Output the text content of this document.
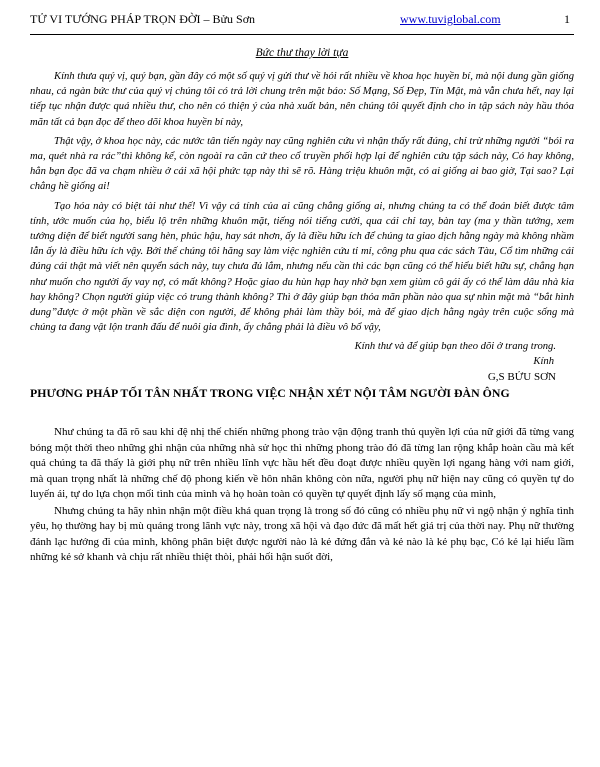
TỬ VI TƯỚNG PHÁP TRỌN ĐỜI – Bửu Sơn	www.tuviglobal.com	1
Bức thư thay lời tựa

Kính thưa quý vị, quý bạn, gần đây có một số quý vị gửi thư về hỏi rất nhiều về khoa học huyền bí, mà nội dung gần giống nhau, cả ngàn bức thư của quý vị chúng tôi có trả lời chung trên mặt báo: Số Mạng, Số Đẹp, Tín Mật, mà vẫn chưa hết, nay lại tiếp tục nhận được quá nhiều thư, cho nên có thiện ý của nhà xuất bản, nên chúng tôi quyết định cho in tập sách này hầu thỏa mãn tất cả bạn đọc để theo dõi khoa huyền bí này,

Thật vậy, ở khoa học này, các nước tân tiến ngày nay cũng nghiên cứu vì nhận thấy rất đúng, chỉ trừ những người “bói ra ma, quét nhà ra rác”thì không kể, còn ngoài ra căn cứ theo cổ truyền phối hợp lại để nghiên cứu tập sách này, Có hay không, hẳn bạn đọc đã va chạm nhiều ở cái xã hội phức tạp này thì sẽ rõ. Hàng triệu khuôn mặt, có ai giống ai bao giờ, Tại sao? Lại chẳng hề giống ai!

Tạo hóa này có biệt tài như thế! Vì vậy cá tính của ai cũng chẳng giống ai, nhưng chúng ta có thể đoán biết được tâm tính, ước muốn của họ, biểu lộ trên những khuôn mặt, tiếng nói tiếng cười, qua cái chỉ tay, bàn tay (ma y thần tướng, xem tướng diện để biết người sang hèn, phúc hậu, hay sát nhơn, ấy là điều hữu ích để chúng ta giao dịch hằng ngày mà không nhầm lẫn ấy là điều hữu ích vậy. Bởi thế chúng tôi hăng say làm việc nghiên cứu tỉ mỉ, công phu qua các sách Tàu, Cổ tìm những cái đúng cái thật mà viết nên quyển sách này, tuy chưa đủ lắm, nhưng nếu cần thì các bạn cũng có thể hiểu biết hữu sự, chẳng hạn như muốn cho người ấy vay nợ, có mất không? Hoặc giao du hùn hạp hay nhờ bạn xem giùm cô gái ấy có thể làm dâu nhà kia hay không? Chọn người giúp việc có trung thành không? Thì ở đây giúp bạn thỏa mãn phần nào qua sự nhìn mặt mà “bắt hình dung”được ở một phần về sắc diện con người, để không phải làm thầy bói, mà để giao dịch hằng ngày trên cuộc sống mà chúng ta đang vật lộn tranh đấu để nuôi gia đình, ấy chẳng phải là điều vô bổ vậy,

Kính thư và để giúp bạn theo dõi ở trang trong.
Kính
G,S BỬU SƠN
PHƯƠNG PHÁP TỐI TÂN NHẤT TRONG VIỆC NHẬN XÉT NỘI TÂM NGƯỜI ĐÀN ÔNG

Như chúng ta đã rõ sau khi đệ nhị thế chiến những phong trào vận động tranh thủ quyền lợi của nữ giới đã từng vang bóng một thời theo những ghi nhận của những nhà sử học thì những phong trào đó đã từng lan rộng khắp hoàn cầu mà kết quả chúng ta đã thấy là giới phụ nữ trên nhiều lĩnh vực hầu hết đều đoạt được nhiều quyền lợi ngang hàng với nam giới, mà quan trọng nhất là những chế độ phong kiến về hôn nhân không còn nữa, người phụ nữ hiện nay cũng có quyền tự do luyến ái, tự do lựa chọn mối tình của mình và họ hoàn toàn có quyền tự quyết định lấy số mạng của mình,

Nhưng chúng ta hãy nhìn nhận một điều khá quan trọng là trong số đó cũng có nhiều phụ nữ vì ngộ nhận ý nghĩa tình yêu, họ thường hay bị mù quáng trong lãnh vực này, trong xã hội và đạo đức đã mất hết giá trị của thời nay. Phụ nữ thường đánh lạc hướng đi của mình, không phân biệt được người nào là kẻ đứng đắn và kẻ nào là kẻ phụ bạc, Có kẻ lại hiểu lầm những kẻ sở khanh và chịu rất nhiều thiệt thòi, phải hối hận suốt đời,
